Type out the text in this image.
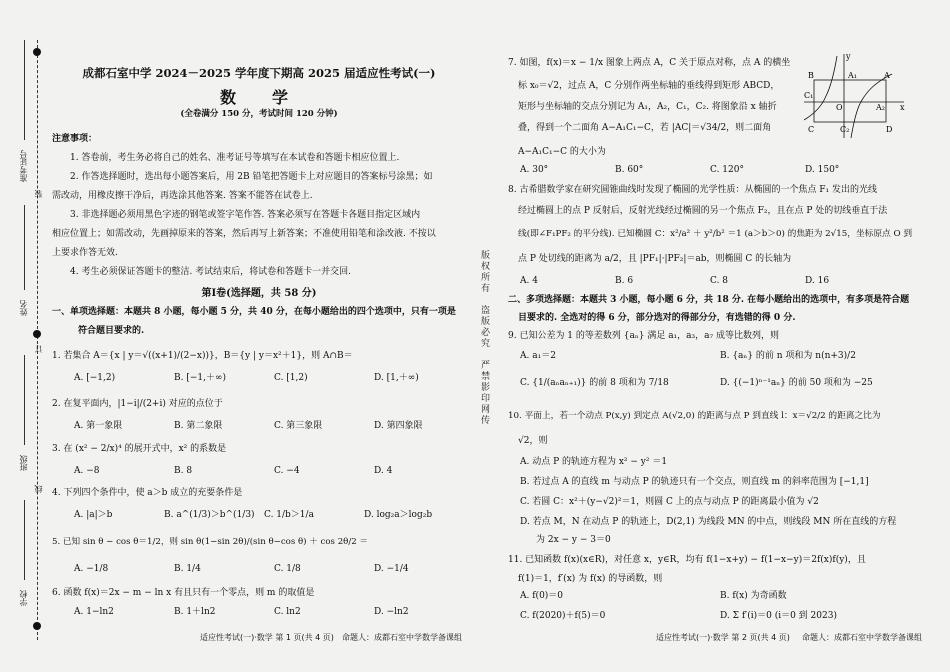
准考证号
姓名
班级
学校
装
订
线
成都石室中学 2024－2025 学年度下期高 2025 届适应性考试(一)
数　学
(全卷满分 150 分，考试时间 120 分钟)
注意事项：
1. 答卷前，考生务必将自己的姓名、准考证号等填写在本试卷和答题卡相应位置上.
2. 作答选择题时，选出每小题答案后，用 2B 铅笔把答题卡上对应题目的答案标号涂黑；如
需改动，用橡皮擦干净后，再选涂其他答案. 答案不能答在试卷上.
3. 非选择题必须用黑色字迹的钢笔或签字笔作答. 答案必须写在答题卡各题目指定区域内
相应位置上；如需改动，先画掉原来的答案，然后再写上新答案；不准使用铅笔和涂改液. 不按以
上要求作答无效.
4. 考生必须保证答题卡的整洁. 考试结束后，将试卷和答题卡一并交回.
第Ⅰ卷(选择题，共 58 分)
一、单项选择题：本题共 8 小题，每小题 5 分，共 40 分，在每小题给出的四个选项中，只有一项是
符合题目要求的.
1. 若集合 A＝{x | y＝√((x+1)/(2−x))}，B＝{y | y＝x²＋1}，则 A∩B＝
A. [−1,2)	B. [−1,＋∞)	C. [1,2)	D. [1,＋∞)
2. 在复平面内，|1−i|/(2+i) 对应的点位于
A. 第一象限	B. 第二象限	C. 第三象限	D. 第四象限
3. 在 (x² − 2/x)⁴ 的展开式中，x² 的系数是
A. −8	B. 8	C. −4	D. 4
4. 下列四个条件中，使 a＞b 成立的充要条件是
A. |a|＞b	B. a^(1/3)＞b^(1/3)	C. 1/b＞1/a	D. log₂a＞log₂b
5. 已知 sin θ − cos θ＝1/2，则 sin θ(1−sin 2θ)/(sin θ−cos θ) ＋ cos 2θ/2 ＝
A. −1/8	B. 1/4	C. 1/8	D. −1/4
6. 函数 f(x)＝2x − m − ln x 有且只有一个零点，则 m 的取值是
A. 1−ln2	B. 1＋ln2	C. ln2	D. −ln2
适应性考试(一)·数学 第 1 页(共 4 页) 命题人：成都石室中学数学备课组
版权所有　盗版必究　严禁影印网传
7. 如图，f(x)＝x − 1/x 图象上两点 A，C 关于原点对称，点 A 的横坐
标 x₀＝√2，过点 A，C 分别作两坐标轴的垂线得到矩形 ABCD，
矩形与坐标轴的交点分别记为 A₁，A₂，C₁，C₂. 将图象沿 x 轴折
叠，得到一个二面角 A−A₁C₁−C，若 |AC|＝√34/2，则二面角
A−A₁C₁−C 的大小为
A. 30°	B. 60°	C. 120°	D. 150°
y
B	A₁	A
C₁
O	A₂ x
C	C₂	D
8. 古希腊数学家在研究圆锥曲线时发现了椭圆的光学性质：从椭圆的一个焦点 F₁ 发出的光线
经过椭圆上的点 P 反射后，反射光线经过椭圆的另一个焦点 F₂，且在点 P 处的切线垂直于法
线(即∠F₁PF₂ 的平分线). 已知椭圆 C：x²/a² ＋ y²/b² ＝1 (a＞b＞0) 的焦距为 2√15，坐标原点 O 到
点 P 处切线的距离为 a/2，且 |PF₁|·|PF₂|＝ab，则椭圆 C 的长轴为
A. 4	B. 6	C. 8	D. 16
二、多项选择题：本题共 3 小题，每小题 6 分，共 18 分. 在每小题给出的选项中，有多项是符合题
目要求的. 全选对的得 6 分，部分选对的得部分分，有选错的得 0 分.
9. 已知公差为 1 的等差数列 {aₙ} 满足 a₁，a₃，a₇ 成等比数列，则
A. a₁＝2	B. {aₙ} 的前 n 项和为 n(n+3)/2
C. {1/(aₙaₙ₊₁)} 的前 8 项和为 7/18	D. {(−1)ⁿ⁻¹aₙ} 的前 50 项和为 −25
10. 平面上，若一个动点 P(x,y) 到定点 A(√2,0) 的距离与点 P 到直线 l：x＝√2/2 的距离之比为
√2，则
A. 动点 P 的轨迹方程为 x² − y² ＝1
B. 若过点 A 的直线 m 与动点 P 的轨迹只有一个交点，则直线 m 的斜率范围为 [−1,1]
C. 若圆 C：x²＋(y−√2)²＝1，则圆 C 上的点与动点 P 的距离最小值为 √2
D. 若点 M，N 在动点 P 的轨迹上，D(2,1) 为线段 MN 的中点，则线段 MN 所在直线的方程
为 2x − y − 3＝0
11. 已知函数 f(x)(x∈R)，对任意 x，y∈R，均有 f(1−x+y) − f(1−x−y)＝2f(x)f(y)，且
f(1)＝1，f′(x) 为 f(x) 的导函数，则
A. f(0)＝0	B. f(x) 为奇函数
C. f(2020)＋f(5)＝0	D. Σ f′(i)＝0 (i＝0 到 2023)
适应性考试(一)·数学 第 2 页(共 4 页) 命题人：成都石室中学数学备课组
